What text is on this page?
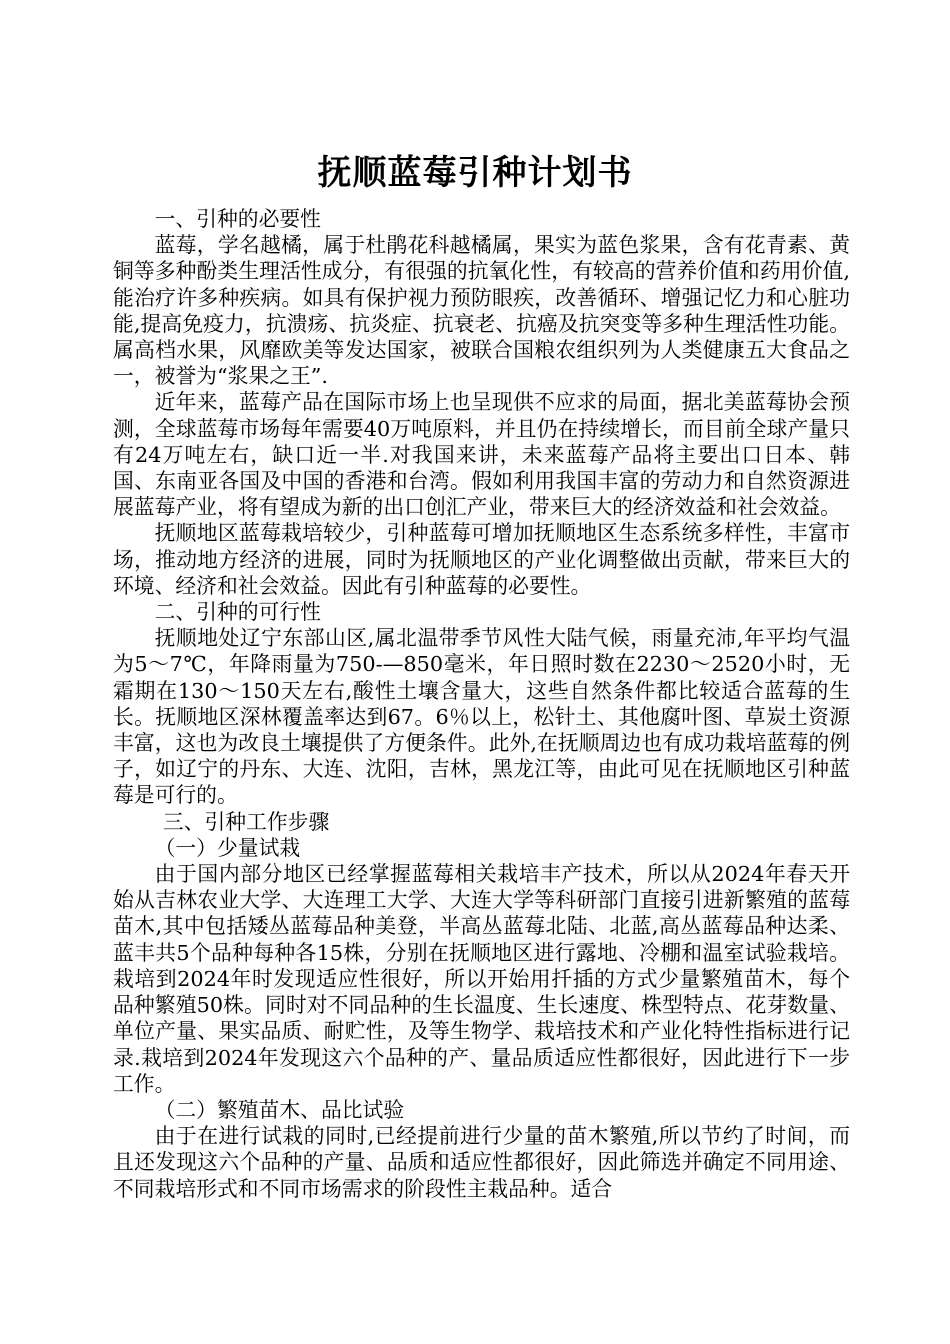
抚顺蓝莓引种计划书

一、引种的必要性

蓝莓，学名越橘，属于杜鹃花科越橘属，果实为蓝色浆果，含有花青素、黄铜等多种酚类生理活性成分，有很强的抗氧化性，有较高的营养价值和药用价值,能治疗许多种疾病。如具有保护视力预防眼疾，改善循环、增强记忆力和心脏功能,提高免疫力，抗溃疡、抗炎症、抗衰老、抗癌及抗突变等多种生理活性功能。属高档水果，风靡欧美等发达国家，被联合国粮农组织列为人类健康五大食品之一，被誉为“浆果之王”.

近年来，蓝莓产品在国际市场上也呈现供不应求的局面，据北美蓝莓协会预测，全球蓝莓市场每年需要40万吨原料，并且仍在持续增长，而目前全球产量只有24万吨左右，缺口近一半.对我国来讲，未来蓝莓产品将主要出口日本、韩国、东南亚各国及中国的香港和台湾。假如利用我国丰富的劳动力和自然资源进展蓝莓产业，将有望成为新的出口创汇产业，带来巨大的经济效益和社会效益。

抚顺地区蓝莓栽培较少，引种蓝莓可增加抚顺地区生态系统多样性，丰富市场，推动地方经济的进展，同时为抚顺地区的产业化调整做出贡献，带来巨大的环境、经济和社会效益。因此有引种蓝莓的必要性。

二、引种的可行性

抚顺地处辽宁东部山区,属北温带季节风性大陆气候，雨量充沛,年平均气温为5～7℃，年降雨量为750-—850毫米，年日照时数在2230～2520小时，无霜期在130～150天左右,酸性土壤含量大，这些自然条件都比较适合蓝莓的生长。抚顺地区深林覆盖率达到67。6％以上，松针土、其他腐叶图、草炭土资源丰富，这也为改良土壤提供了方便条件。此外,在抚顺周边也有成功栽培蓝莓的例子，如辽宁的丹东、大连、沈阳，吉林，黑龙江等，由此可见在抚顺地区引种蓝莓是可行的。

三、引种工作步骤

（一）少量试栽

由于国内部分地区已经掌握蓝莓相关栽培丰产技术，所以从2024年春天开始从吉林农业大学、大连理工大学、大连大学等科研部门直接引进新繁殖的蓝莓苗木,其中包括矮丛蓝莓品种美登，半高丛蓝莓北陆、北蓝,高丛蓝莓品种达柔、蓝丰共5个品种每种各15株，分别在抚顺地区进行露地、冷棚和温室试验栽培。栽培到2024年时发现适应性很好，所以开始用扦插的方式少量繁殖苗木，每个品种繁殖50株。同时对不同品种的生长温度、生长速度、株型特点、花芽数量、单位产量、果实品质、耐贮性，及等生物学、栽培技术和产业化特性指标进行记录.栽培到2024年发现这六个品种的产、量品质适应性都很好，因此进行下一步工作。

（二）繁殖苗木、品比试验

由于在进行试栽的同时,已经提前进行少量的苗木繁殖,所以节约了时间，而且还发现这六个品种的产量、品质和适应性都很好，因此筛选并确定不同用途、不同栽培形式和不同市场需求的阶段性主栽品种。适合
